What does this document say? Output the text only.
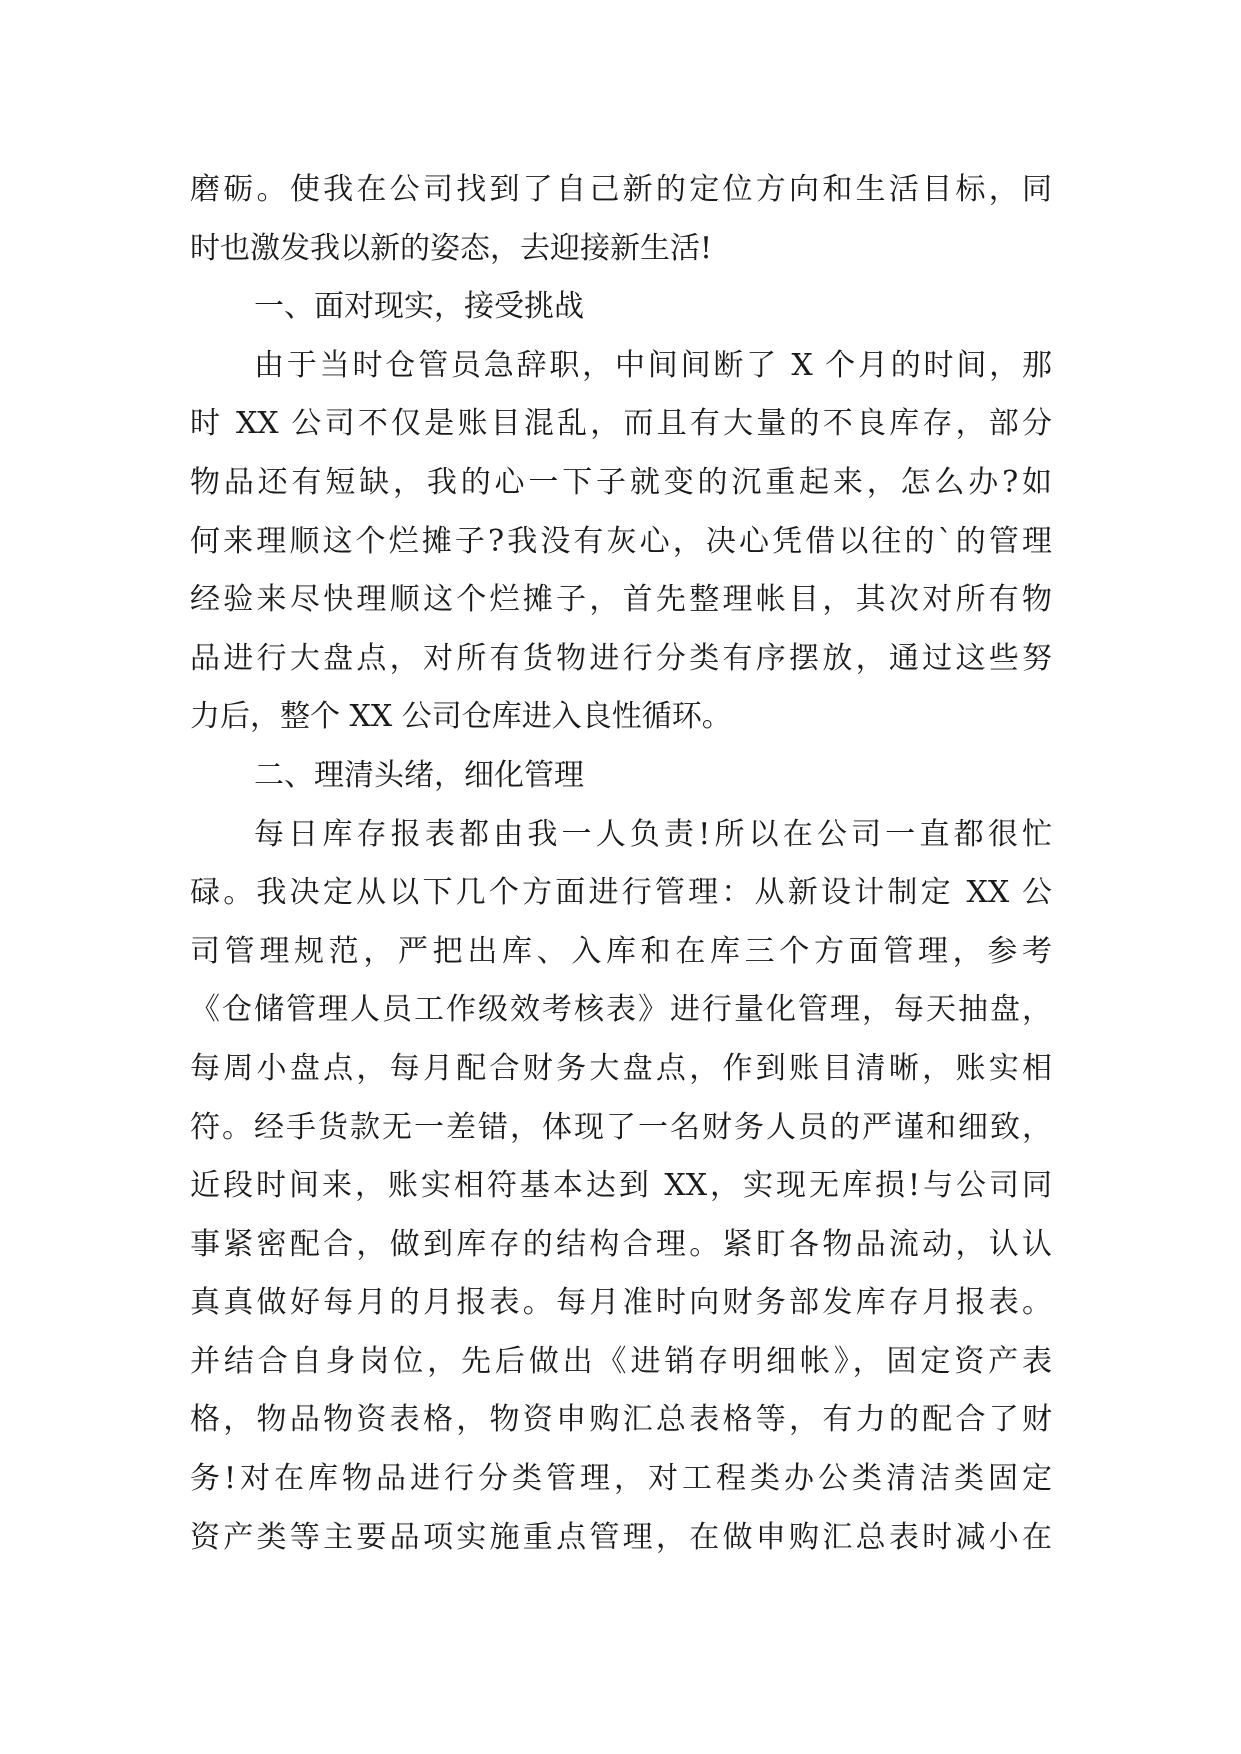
磨砺。使我在公司找到了自己新的定位方向和生活目标，同
时也激发我以新的姿态，去迎接新生活!
一、面对现实，接受挑战
由于当时仓管员急辞职，中间间断了 X 个月的时间，那
时 XX 公司不仅是账目混乱，而且有大量的不良库存，部分
物品还有短缺，我的心一下子就变的沉重起来，怎么办?如
何来理顺这个烂摊子?我没有灰心，决心凭借以往的`的管理
经验来尽快理顺这个烂摊子，首先整理帐目，其次对所有物
品进行大盘点，对所有货物进行分类有序摆放，通过这些努
力后，整个 XX 公司仓库进入良性循环。
二、理清头绪，细化管理
每日库存报表都由我一人负责!所以在公司一直都很忙
碌。我决定从以下几个方面进行管理：从新设计制定 XX 公
司管理规范，严把出库、入库和在库三个方面管理，参考
《仓储管理人员工作级效考核表》进行量化管理，每天抽盘，
每周小盘点，每月配合财务大盘点，作到账目清晰，账实相
符。经手货款无一差错，体现了一名财务人员的严谨和细致，
近段时间来，账实相符基本达到 XX，实现无库损!与公司同
事紧密配合，做到库存的结构合理。紧盯各物品流动，认认
真真做好每月的月报表。每月准时向财务部发库存月报表。
并结合自身岗位，先后做出《进销存明细帐》，固定资产表
格，物品物资表格，物资申购汇总表格等，有力的配合了财
务!对在库物品进行分类管理，对工程类办公类清洁类固定
资产类等主要品项实施重点管理，在做申购汇总表时减小在
